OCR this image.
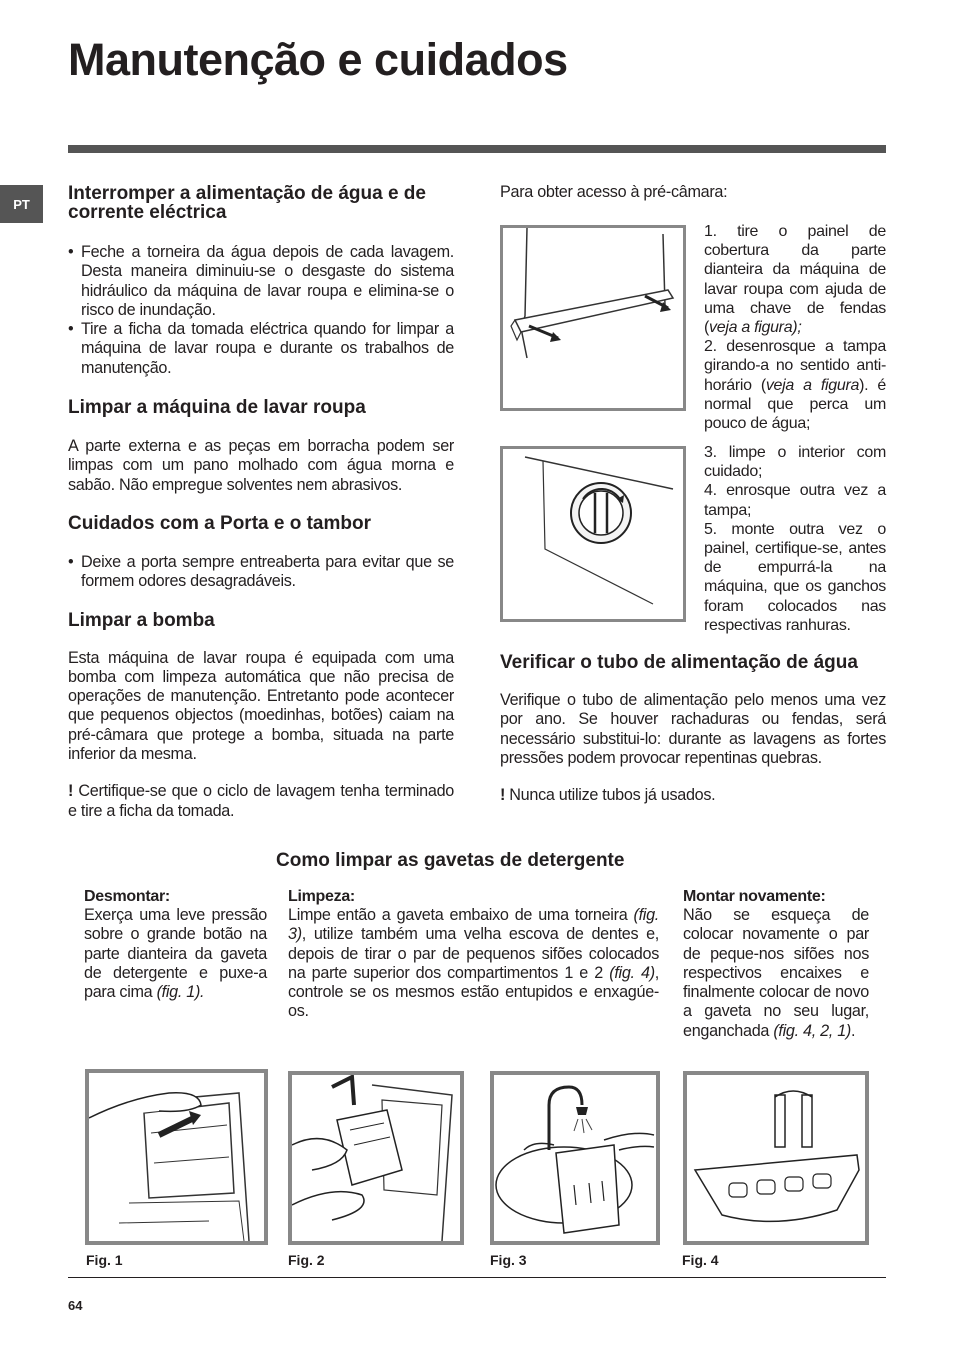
Manutenção e cuidados
PT	Interromper a alimentação de água e de corrente eléctrica
• Feche a torneira da água depois de cada lavagem. Desta maneira diminuiu-se o desgaste do sistema hidráulico da máquina de lavar roupa e elimina-se o risco de inundação.
• Tire a ficha da tomada eléctrica quando for limpar a máquina de lavar roupa e durante os trabalhos de manutenção.
Limpar a máquina de lavar roupa

A parte externa e as peças em borracha podem ser limpas com um pano molhado com água morna e sabão. Não empregue solventes nem abrasivos.

Cuidados com a Porta e o tambor
• Deixe a porta sempre entreaberta para evitar que se formem odores desagradáveis.
Limpar a bomba

Esta máquina de lavar roupa é equipada com uma bomba com limpeza automática que não precisa de operações de manutenção. Entretanto pode acontecer que pequenos objectos (moedinhas, botões) caiam na pré-câmara que protege a bomba, situada na parte inferior da mesma.

! Certifique-se que o ciclo de lavagem tenha terminado e tire a ficha da tomada.

Para obter acesso à pré-câmara:

1. tire o painel de cobertura da parte dianteira da máquina de lavar roupa com ajuda de uma chave de fendas (veja a figura);
2. desenrosque a tampa girando-a no sentido anti-horário (veja a figura). é normal que perca um pouco de água;
3. limpe o interior com cuidado;
4. enrosque outra vez a tampa;
5. monte outra vez o painel, certifique-se, antes de empurrá-la na máquina, que os ganchos foram colocados nas respectivas ranhuras.
Verificar o tubo de alimentação de água

Verifique o tubo de alimentação pelo menos uma vez por ano. Se houver rachaduras ou fendas, será necessário substitui-lo: durante as lavagens as fortes pressões podem provocar repentinas quebras.

! Nunca utilize tubos já usados.

Como limpar as gavetas de detergente
Desmontar:
Exerça uma leve pressão sobre o grande botão na parte dianteira da gaveta de detergente e puxe-a para cima (fig. 1).
Limpeza:
Limpe então a gaveta embaixo de uma torneira (fig. 3), utilize também uma velha escova de dentes e, depois de tirar o par de pequenos sifões colocados na parte superior dos compartimentos 1 e 2 (fig. 4), controle se os mesmos estão entupidos e enxagúe-os.
Montar novamente:
Não se esqueça de colocar novamente o par de peque-nos sifões nos respectivos encaixes e finalmente colocar de novo a gaveta no seu lugar, enganchada (fig. 4, 2, 1).
Fig. 1	Fig. 2	Fig. 3	Fig. 4
64
